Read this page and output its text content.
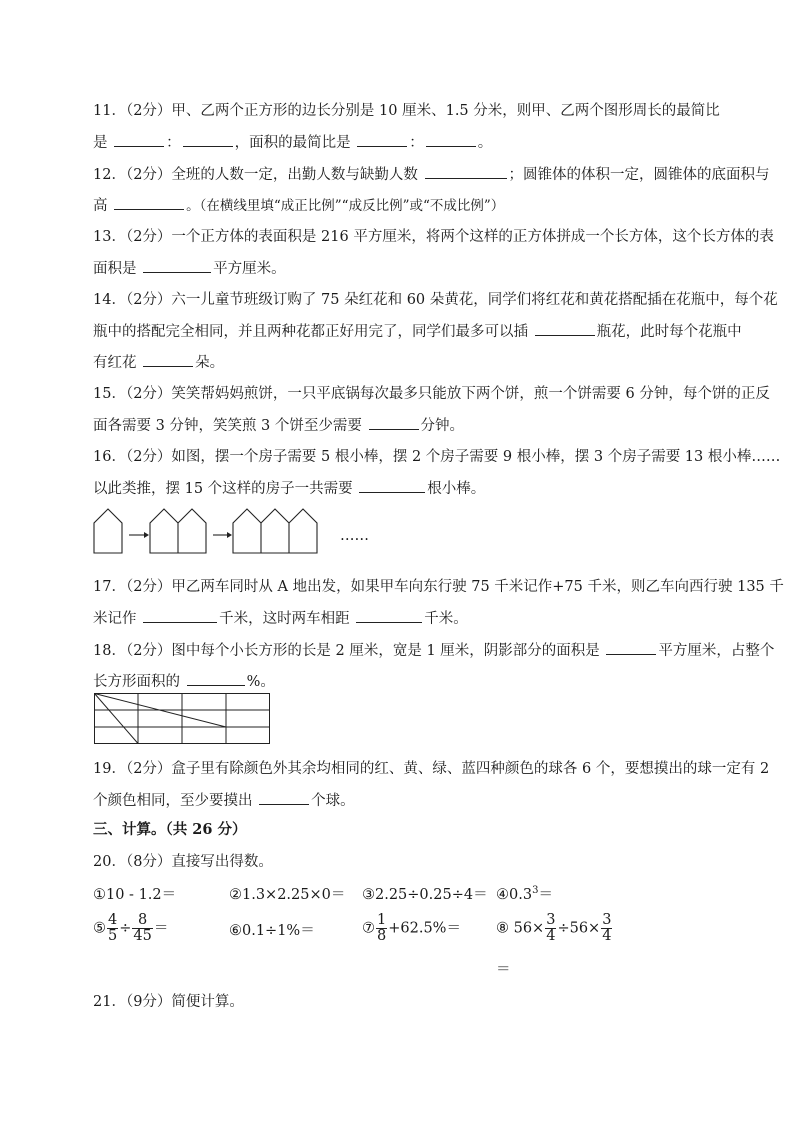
11．（2分）甲、乙两个正方形的边长分别是 10 厘米、1.5 分米，则甲、乙两个图形周长的最简比
是	：	，面积的最简比是	：	。
12．（2分）全班的人数一定，出勤人数与缺勤人数	；圆锥体的体积一定，圆锥体的底面积与
高	。（在横线里填“成正比例”“成反比例”或“不成比例”）
13．（2分）一个正方体的表面积是 216 平方厘米，将两个这样的正方体拼成一个长方体，这个长方体的表
面积是	平方厘米。
14．（2分）六一儿童节班级订购了 75 朵红花和 60 朵黄花，同学们将红花和黄花搭配插在花瓶中，每个花
瓶中的搭配完全相同，并且两种花都正好用完了，同学们最多可以插	瓶花，此时每个花瓶中
有红花	朵。
15．（2分）笑笑帮妈妈煎饼，一只平底锅每次最多只能放下两个饼，煎一个饼需要 6 分钟，每个饼的正反
面各需要 3 分钟，笑笑煎 3 个饼至少需要	分钟。
16．（2分）如图，摆一个房子需要 5 根小棒，摆 2 个房子需要 9 根小棒，摆 3 个房子需要 13 根小棒……
以此类推，摆 15 个这样的房子一共需要	根小棒。
……
17．（2分）甲乙两车同时从 A 地出发，如果甲车向东行驶 75 千米记作+75 千米，则乙车向西行驶 135 千
米记作	千米，这时两车相距	千米。
18．（2分）图中每个小长方形的长是 2 厘米，宽是 1 厘米，阴影部分的面积是	平方厘米，占整个
长方形面积的	%。
19．（2分）盒子里有除颜色外其余均相同的红、黄、绿、蓝四种颜色的球各 6 个，要想摸出的球一定有 2
个颜色相同，至少要摸出	个球。
三、计算。（共 26 分）
20．（8分）直接写出得数。
①10 - 1.2＝	②1.3×2.25×0＝ ③2.25÷0.25÷4＝ $④0.3^3=$
⑤ $\frac{4}{5} \div \frac{8}{45}$ ＝	⑥0.1÷1%＝	⑦ $\frac{1}{8} +62.5\%=$ ⑧ $56\times \frac{3}{4} \div 56\times \frac{3}{4}$
＝
21．（9分）简便计算。
